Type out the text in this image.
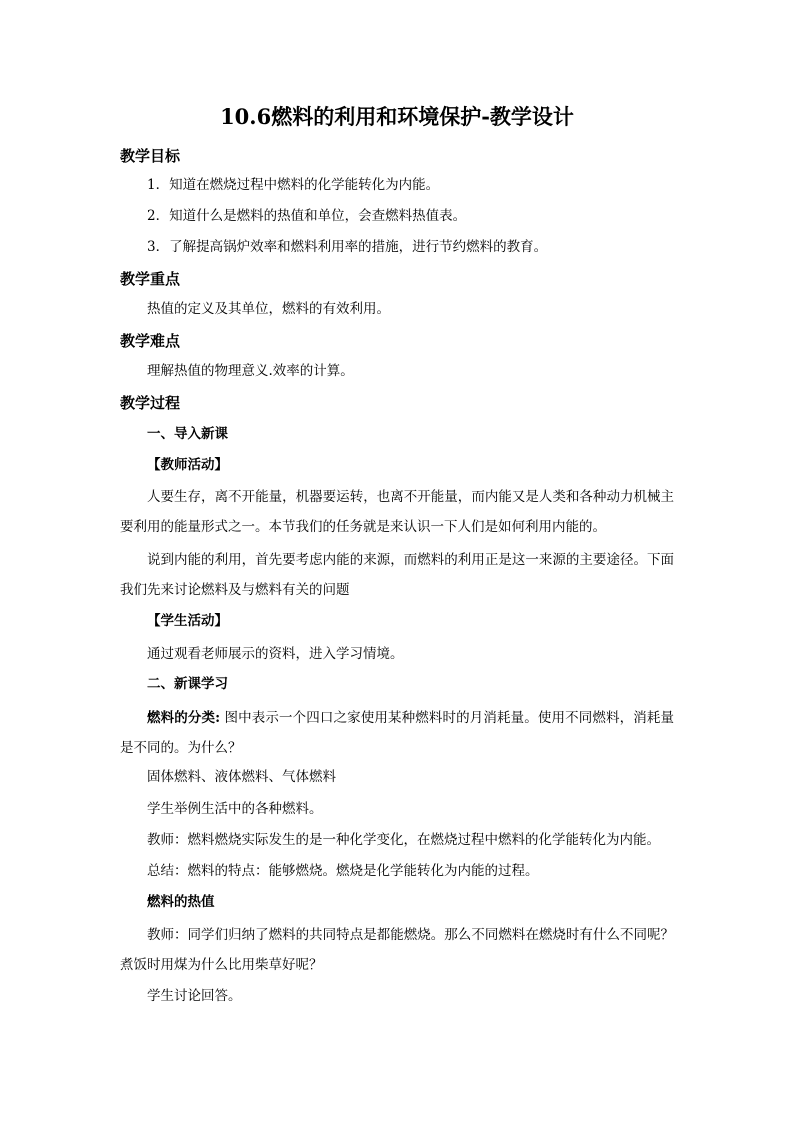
10.6燃料的利用和环境保护-教学设计
教学目标

1．知道在燃烧过程中燃料的化学能转化为内能。

2．知道什么是燃料的热值和单位，会查燃料热值表。

3．了解提高锅炉效率和燃料利用率的措施，进行节约燃料的教育。

教学重点

热值的定义及其单位，燃料的有效利用。

教学难点

理解热值的物理意义.效率的计算。

教学过程

一、导入新课

【教师活动】

人要生存，离不开能量，机器要运转，也离不开能量，而内能又是人类和各种动力机械主要利用的能量形式之一。本节我们的任务就是来认识一下人们是如何利用内能的。

说到内能的利用，首先要考虑内能的来源，而燃料的利用正是这一来源的主要途径。下面我们先来讨论燃料及与燃料有关的问题

【学生活动】

通过观看老师展示的资料，进入学习情境。

二、新课学习

燃料的分类: 图中表示一个四口之家使用某种燃料时的月消耗量。使用不同燃料，消耗量是不同的。为什么？

固体燃料、液体燃料、气体燃料

学生举例生活中的各种燃料。

教师：燃料燃烧实际发生的是一种化学变化，在燃烧过程中燃料的化学能转化为内能。

总结：燃料的特点：能够燃烧。燃烧是化学能转化为内能的过程。

燃料的热值

教师：同学们归纳了燃料的共同特点是都能燃烧。那么不同燃料在燃烧时有什么不同呢？煮饭时用煤为什么比用柴草好呢？

学生讨论回答。
